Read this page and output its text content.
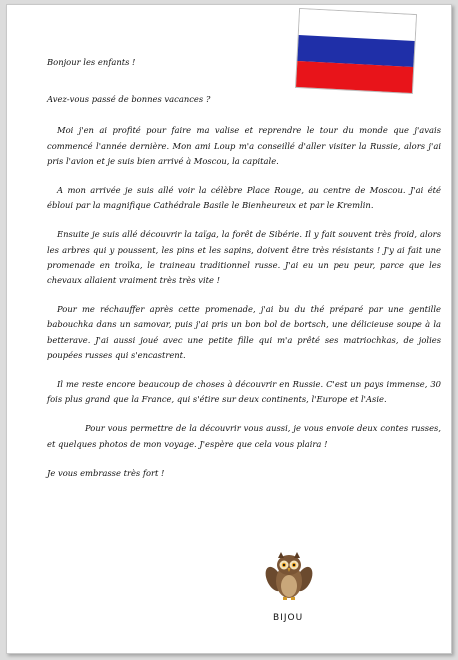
Bonjour les enfants !

Avez-vous passé de bonnes vacances ?

Moi j'en ai profité pour faire ma valise et reprendre le tour du monde que j'avais commencé l'année dernière. Mon ami Loup m'a conseillé d'aller visiter la Russie, alors j'ai pris l'avion et je suis bien arrivé à Moscou, la capitale.

A mon arrivée je suis allé voir la célèbre Place Rouge, au centre de Moscou. J'ai été ébloui par la magnifique Cathédrale Basile le Bienheureux et par le Kremlin.

Ensuite je suis allé découvrir la taïga, la forêt de Sibérie. Il y fait souvent très froid, alors les arbres qui y poussent, les pins et les sapins, doivent être très résistants ! J'y ai fait une promenade en troïka, le traineau traditionnel russe. J'ai eu un peu peur, parce que les chevaux allaient vraiment très très vite !

Pour me réchauffer après cette promenade, j'ai bu du thé préparé par une gentille babouchka dans un samovar, puis j'ai pris un bon bol de bortsch, une délicieuse soupe à la betterave. J'ai aussi joué avec une petite fille qui m'a prêté ses matriochkas, de jolies poupées russes qui s'encastrent.

Il me reste encore beaucoup de choses à découvrir en Russie. C'est un pays immense, 30 fois plus grand que la France, qui s'étire sur deux continents, l'Europe et l'Asie.

Pour vous permettre de la découvrir vous aussi, je vous envoie deux contes russes, et quelques photos de mon voyage. J'espère que cela vous plaira !

Je vous embrasse très fort !

BIJOU
